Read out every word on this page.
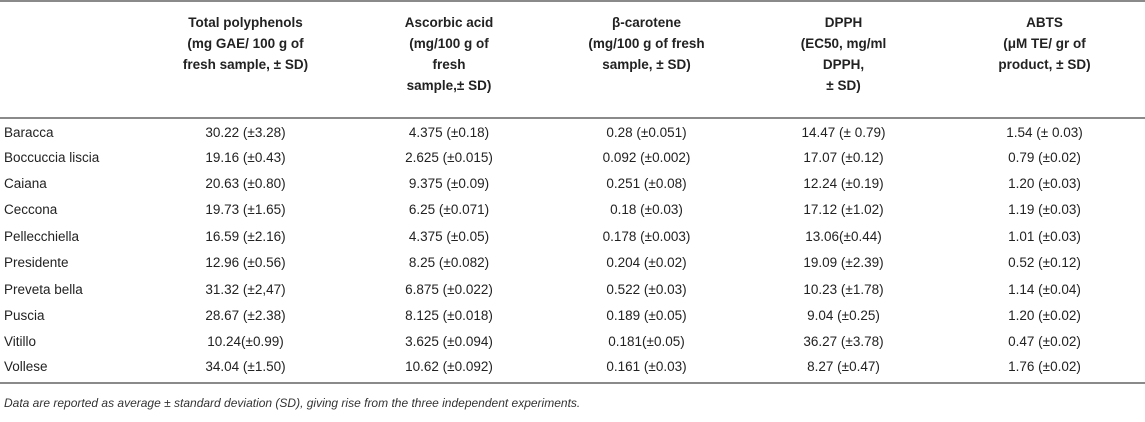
	Total polyphenols
(mg GAE/ 100 g of
fresh sample, ± SD)	Ascorbic acid
(mg/100 g of
fresh
sample,± SD)	β-carotene
(mg/100 g of fresh
sample, ± SD)	DPPH
(EC50, mg/ml
DPPH,
± SD)	ABTS
(μM TE/ gr of
product, ± SD)
Baracca	30.22 (±3.28)	4.375 (±0.18)	0.28 (±0.051)	14.47 (± 0.79)	1.54 (± 0.03)
Boccuccia liscia	19.16 (±0.43)	2.625 (±0.015)	0.092 (±0.002)	17.07 (±0.12)	0.79 (±0.02)
Caiana	20.63 (±0.80)	9.375 (±0.09)	0.251 (±0.08)	12.24 (±0.19)	1.20 (±0.03)
Ceccona	19.73 (±1.65)	6.25 (±0.071)	0.18 (±0.03)	17.12 (±1.02)	1.19 (±0.03)
Pellecchiella	16.59 (±2.16)	4.375 (±0.05)	0.178 (±0.003)	13.06(±0.44)	1.01 (±0.03)
Presidente	12.96 (±0.56)	8.25 (±0.082)	0.204 (±0.02)	19.09 (±2.39)	0.52 (±0.12)
Preveta bella	31.32 (±2,47)	6.875 (±0.022)	0.522 (±0.03)	10.23 (±1.78)	1.14 (±0.04)
Puscia	28.67 (±2.38)	8.125 (±0.018)	0.189 (±0.05)	9.04 (±0.25)	1.20 (±0.02)
Vitillo	10.24(±0.99)	3.625 (±0.094)	0.181(±0.05)	36.27 (±3.78)	0.47 (±0.02)
Vollese	34.04 (±1.50)	10.62 (±0.092)	0.161 (±0.03)	8.27 (±0.47)	1.76 (±0.02)
Data are reported as average ± standard deviation (SD), giving rise from the three independent experiments.
